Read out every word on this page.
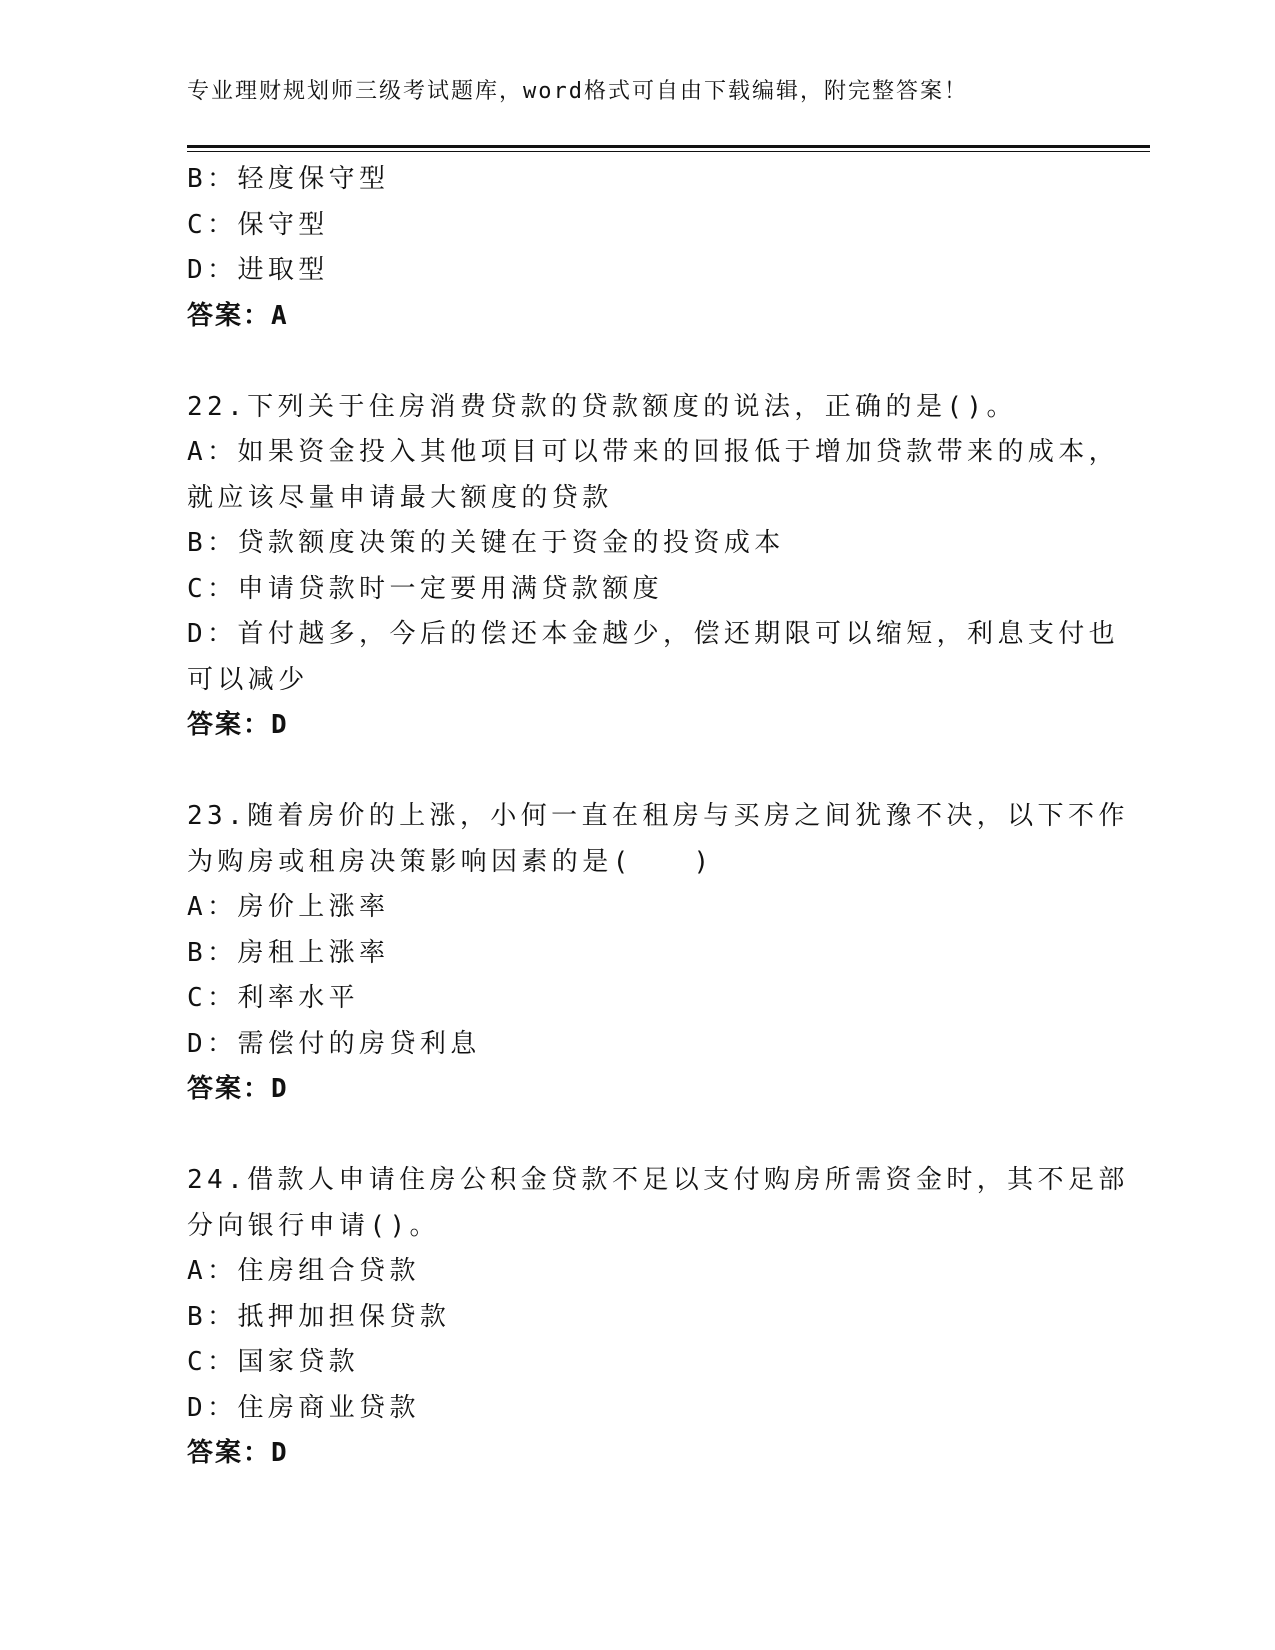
专业理财规划师三级考试题库，word格式可自由下载编辑，附完整答案！
B：轻度保守型
C：保守型
D：进取型
答案：A
22.下列关于住房消费贷款的贷款额度的说法，正确的是()。
A：如果资金投入其他项目可以带来的回报低于增加贷款带来的成本，
就应该尽量申请最大额度的贷款
B：贷款额度决策的关键在于资金的投资成本
C：申请贷款时一定要用满贷款额度
D：首付越多，今后的偿还本金越少，偿还期限可以缩短，利息支付也
可以减少
答案：D
23.随着房价的上涨，小何一直在租房与买房之间犹豫不决，以下不作
为购房或租房决策影响因素的是(　　)
A：房价上涨率
B：房租上涨率
C：利率水平
D：需偿付的房贷利息
答案：D
24.借款人申请住房公积金贷款不足以支付购房所需资金时，其不足部
分向银行申请()。
A：住房组合贷款
B：抵押加担保贷款
C：国家贷款
D：住房商业贷款
答案：D
